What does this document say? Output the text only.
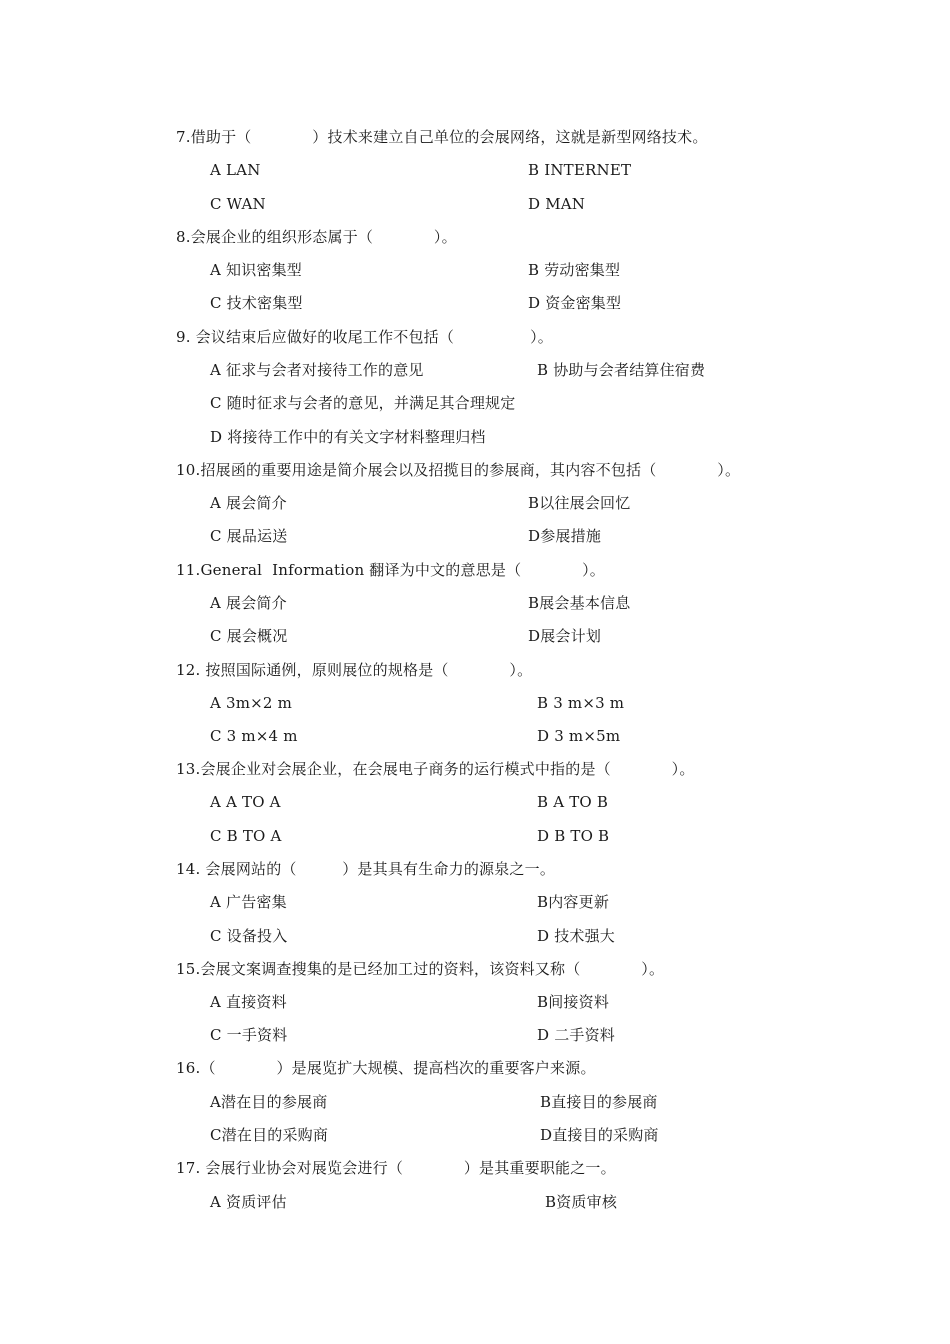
7.借助于（　　　　）技术来建立自己单位的会展网络，这就是新型网络技术。
A LAN	B INTERNET
C WAN	D MAN
8.会展企业的组织形态属于（　　　　）。
A 知识密集型	B 劳动密集型
C 技术密集型	D 资金密集型
9. 会议结束后应做好的收尾工作不包括（　　　　　）。
A 征求与会者对接待工作的意见	B 协助与会者结算住宿费
C 随时征求与会者的意见，并满足其合理规定
D 将接待工作中的有关文字材料整理归档
10.招展函的重要用途是简介展会以及招揽目的参展商，其内容不包括（　　　　）。
A 展会简介	B以往展会回忆
C 展品运送	D参展措施
11.General  Information 翻译为中文的意思是（　　　　）。
A 展会简介	B展会基本信息
C 展会概况	D展会计划
12. 按照国际通例，原则展位的规格是（　　　　）。
A 3m×2 m	B 3 m×3 m
C 3 m×4 m	D 3 m×5m
13.会展企业对会展企业，在会展电子商务的运行模式中指的是（　　　　）。
A A TO A	B A TO B
C B TO A	D B TO B
14. 会展网站的（　　　）是其具有生命力的源泉之一。
A 广告密集	B内容更新
C 设备投入	D 技术强大
15.会展文案调查搜集的是已经加工过的资料，该资料又称（　　　　）。
A 直接资料	B间接资料
C 一手资料	D 二手资料
16.（　　　　）是展览扩大规模、提高档次的重要客户来源。
A潜在目的参展商	B直接目的参展商
C潜在目的采购商	D直接目的采购商
17. 会展行业协会对展览会进行（　　　　）是其重要职能之一。
A 资质评估	B资质审核
